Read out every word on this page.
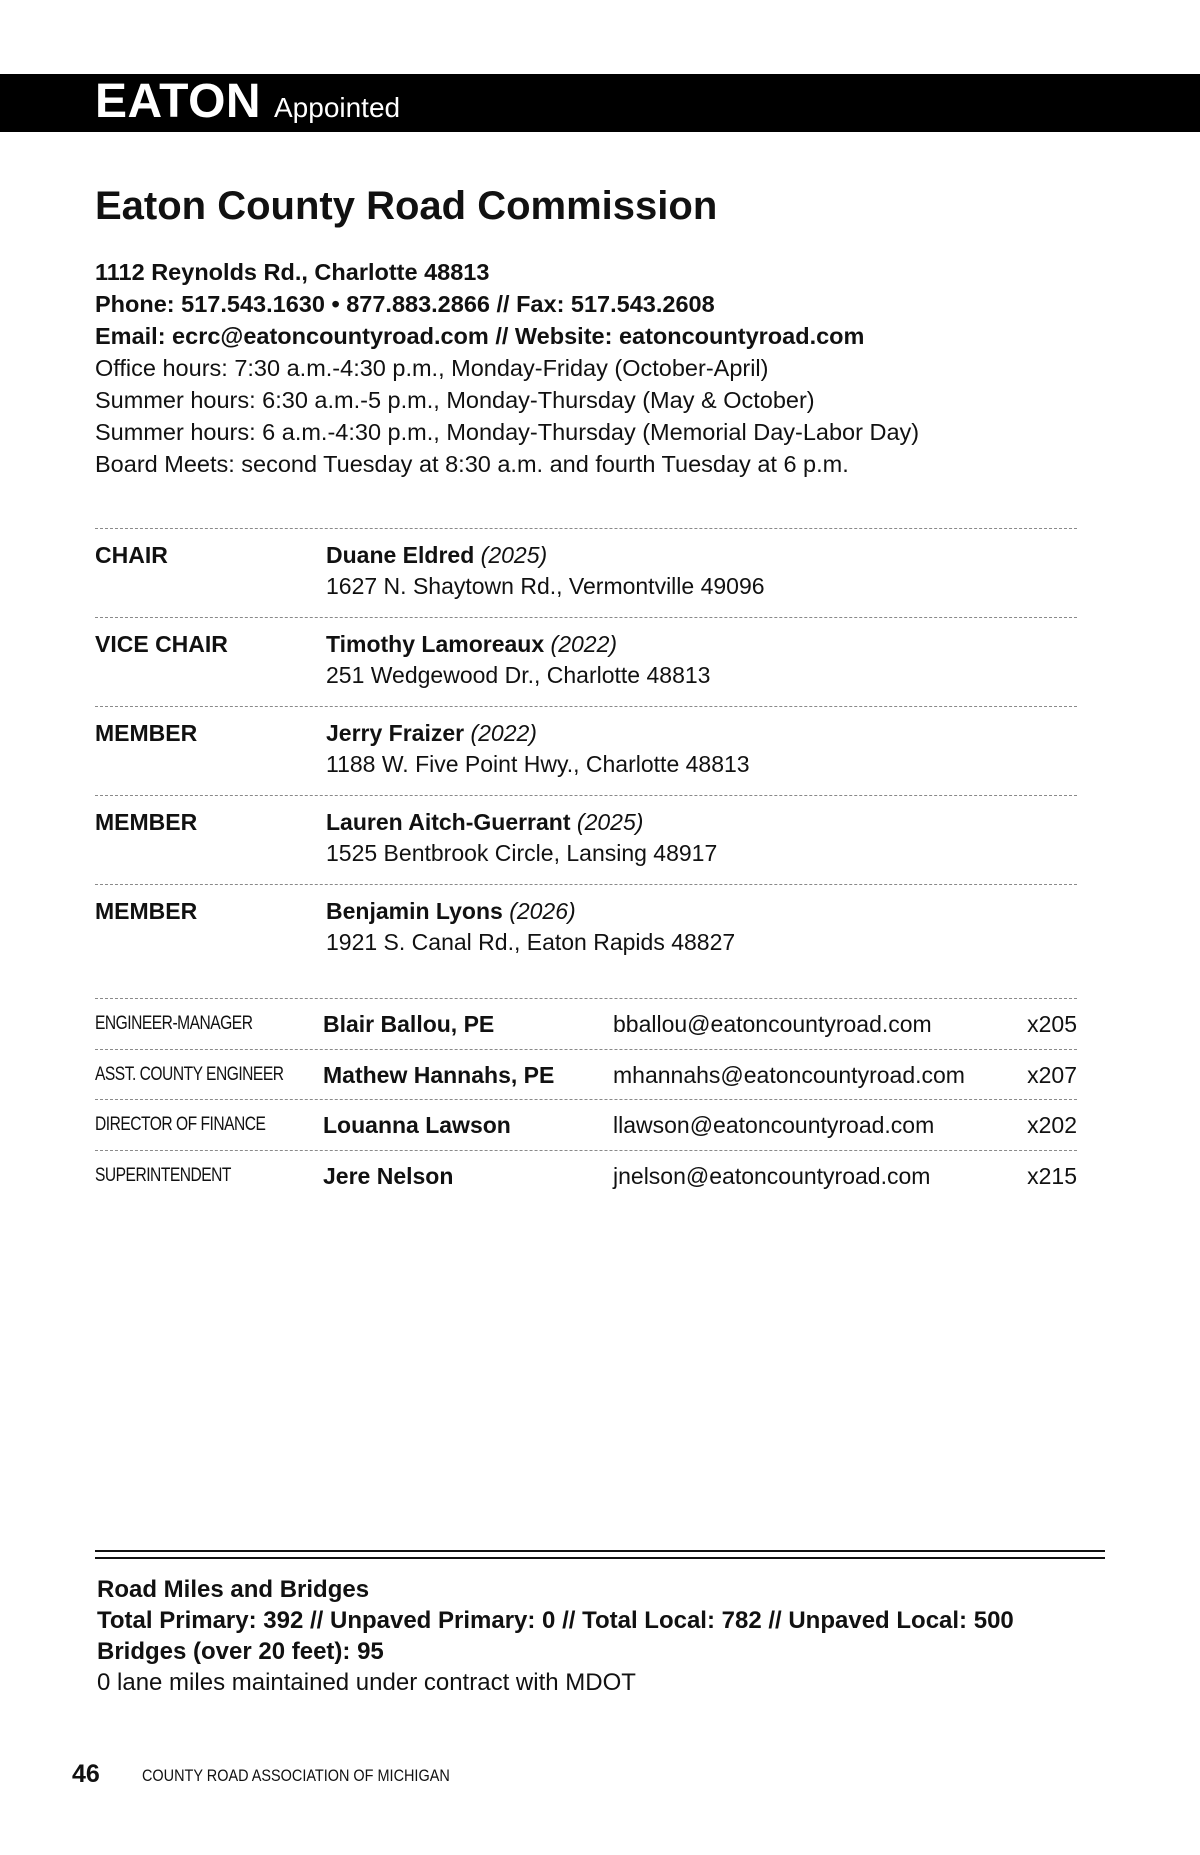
EATON Appointed
Eaton County Road Commission
1112 Reynolds Rd., Charlotte 48813
Phone: 517.543.1630 • 877.883.2866 // Fax: 517.543.2608
Email: ecrc@eatoncountyroad.com // Website: eatoncountyroad.com
Office hours: 7:30 a.m.-4:30 p.m., Monday-Friday (October-April)
Summer hours: 6:30 a.m.-5 p.m., Monday-Thursday (May & October)
Summer hours: 6 a.m.-4:30 p.m., Monday-Thursday (Memorial Day-Labor Day)
Board Meets: second Tuesday at 8:30 a.m. and fourth Tuesday at 6 p.m.
CHAIR	Duane Eldred (2025)
1627 N. Shaytown Rd., Vermontville 49096
VICE CHAIR	Timothy Lamoreaux (2022)
251 Wedgewood Dr., Charlotte 48813
MEMBER	Jerry Fraizer (2022)
1188 W. Five Point Hwy., Charlotte 48813
MEMBER	Lauren Aitch-Guerrant (2025)
1525 Bentbrook Circle, Lansing 48917
MEMBER	Benjamin Lyons (2026)
1921 S. Canal Rd., Eaton Rapids 48827
ENGINEER-MANAGER	Blair Ballou, PE	bballou@eatoncountyroad.com	x205
ASST. COUNTY ENGINEER Mathew Hannahs, PE	mhannahs@eatoncountyroad.com	x207
DIRECTOR OF FINANCE	Louanna Lawson	llawson@eatoncountyroad.com	x202
SUPERINTENDENT	Jere Nelson	jnelson@eatoncountyroad.com	x215
Road Miles and Bridges
Total Primary: 392 // Unpaved Primary: 0 // Total Local: 782 // Unpaved Local: 500
Bridges (over 20 feet): 95
0 lane miles maintained under contract with MDOT
46 COUNTY ROAD ASSOCIATION OF MICHIGAN
